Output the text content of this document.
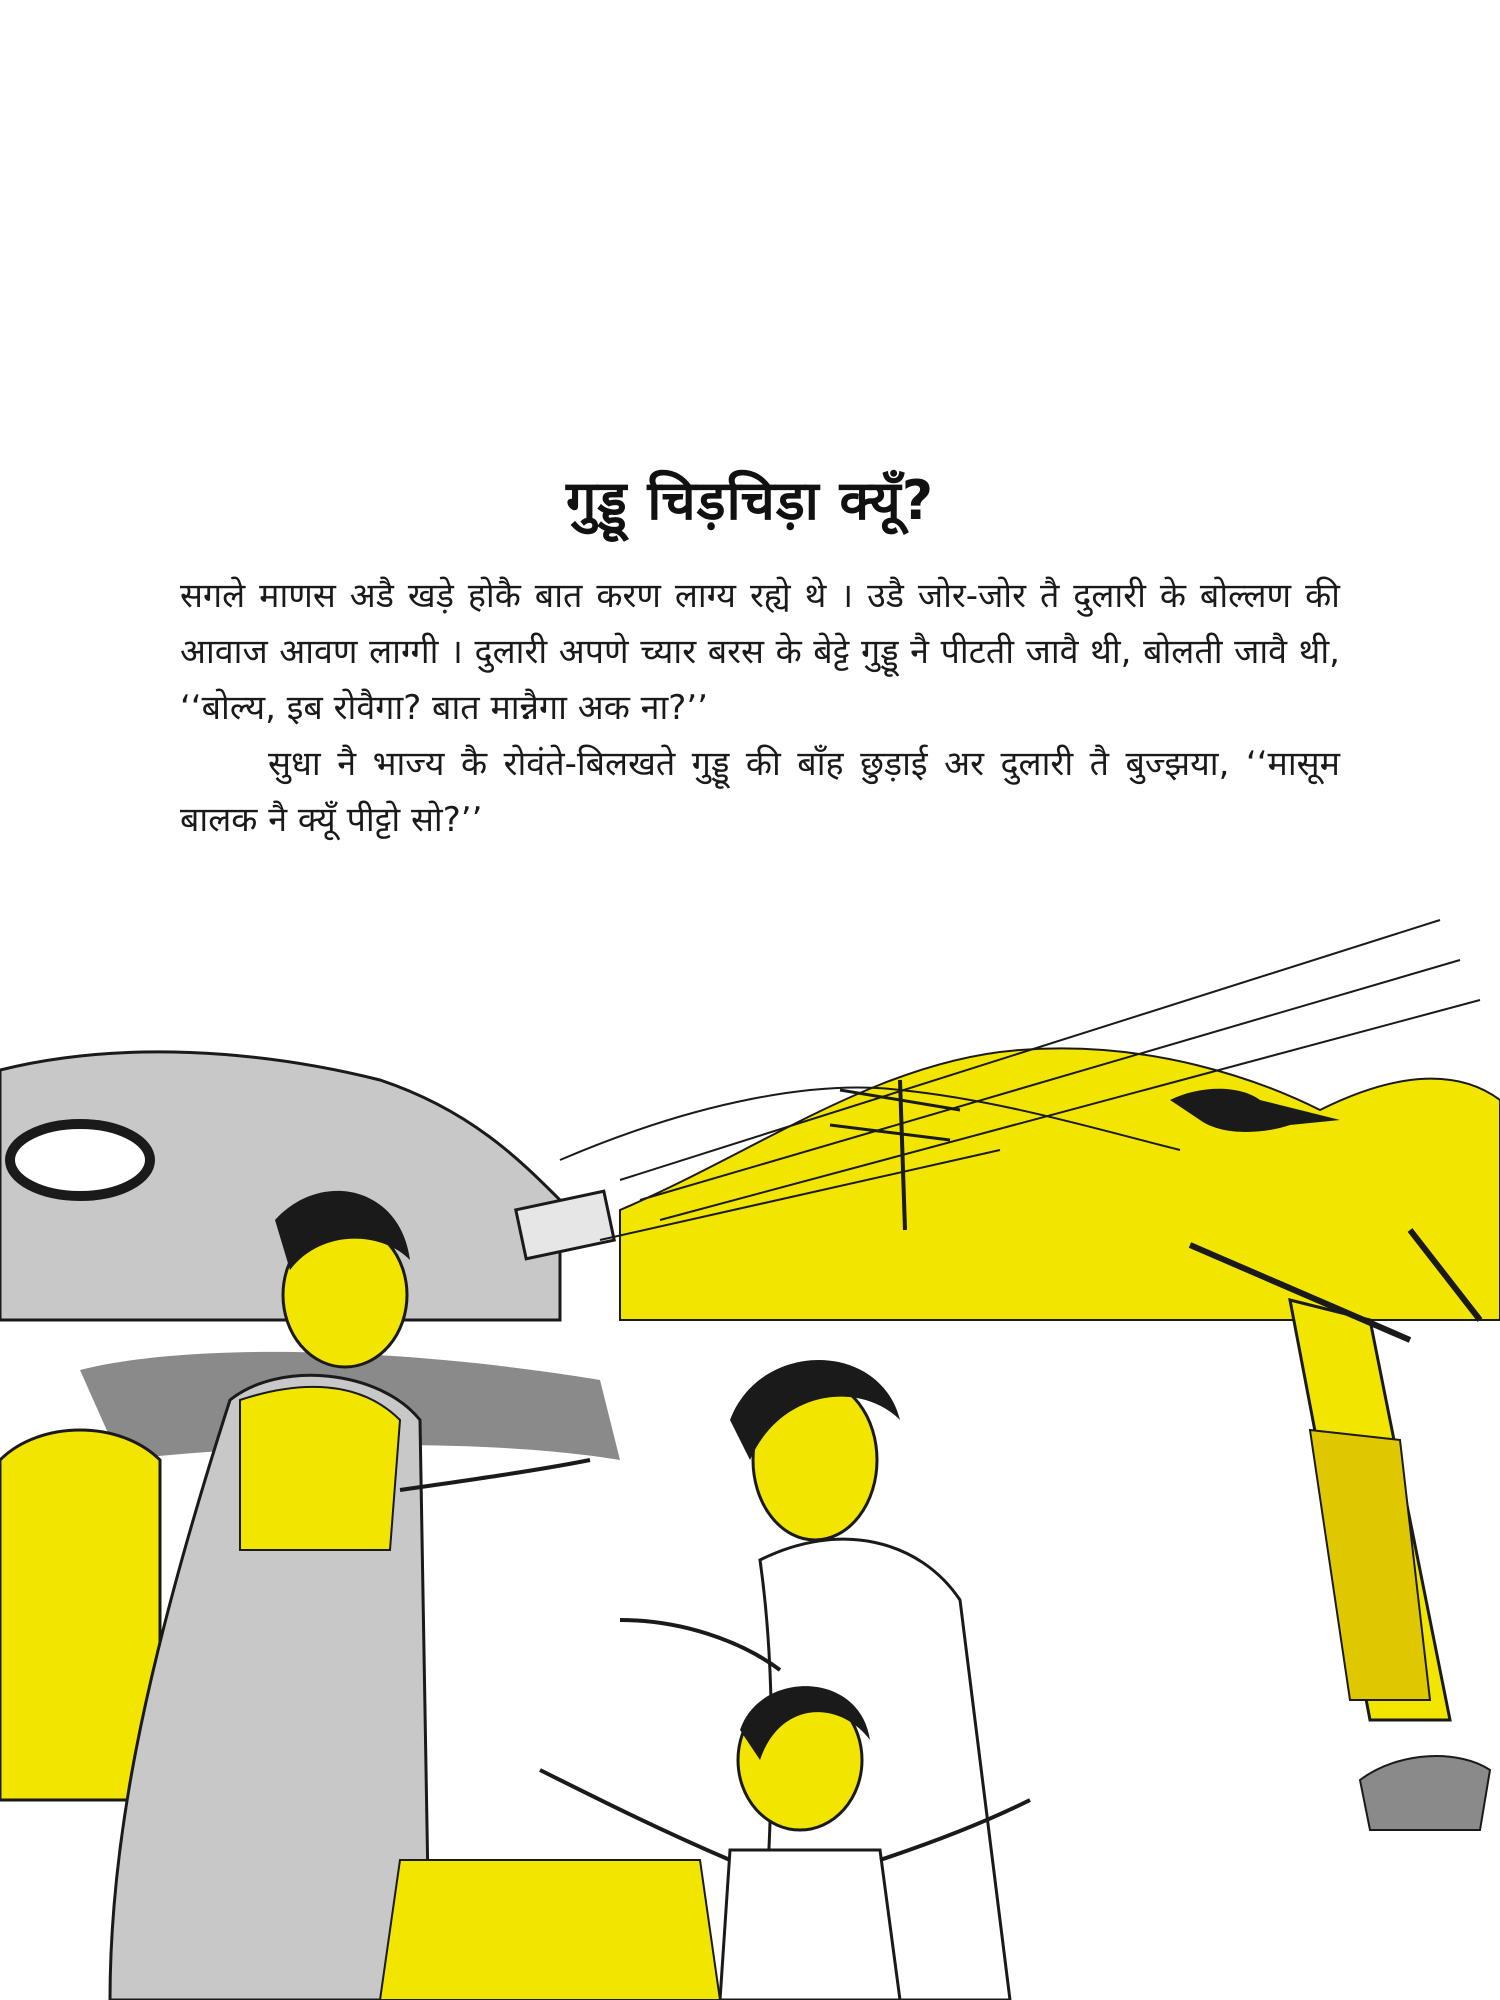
गुड्डू चिड़चिड़ा क्यूँ?

सगले माणस अडै खड़े होकै बात करण लाग्य रह्ये थे । उडै जोर-जोर तै दुलारी के बोल्लण की आवाज आवण लाग्गी । दुलारी अपणे च्यार बरस के बेट्टे गुड्डू नै पीटती जावै थी, बोलती जावै थी, ‘‘बोल्य, इब रोवैगा? बात मान्नैगा अक ना?’’

सुधा नै भाज्य कै रोवंते-बिलखते गुड्डू की बाँह छुड़ाई अर दुलारी तै बुज्झया, ‘‘मासूम बालक नै क्यूँ पीट्टो सो?’’
